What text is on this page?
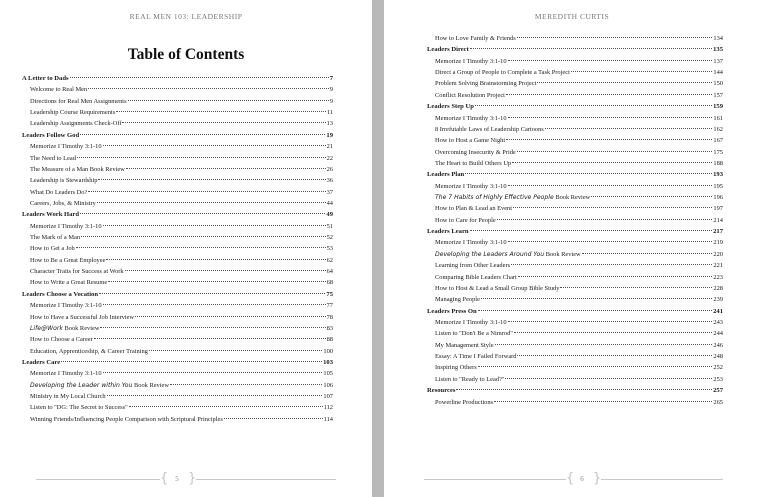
REAL MEN 103: LEADERSHIP
Table of Contents
A Letter to Dads	7
Welcome to Real Men	9
Directions for Real Men Assignments	9
Leadership Course Requirements	11
Leadership Assignments Check-Off	13
Leaders Follow God	19
Memorize I Timothy 3:1-10	21
The Need to Lead	22
The Measure of a Man Book Review	26
Leadership is Stewardship	36
What Do Leaders Do?	37
Careers, Jobs, & Ministry	44
Leaders Work Hard	49
Memorize I Timothy 3:1-10	51
The Mark of a Man	52
How to Get a Job	53
How to Be a Great Employee	62
Character Traits for Success at Work	64
How to Write a Great Resume	68
Leaders Choose a Vocation	75
Memorize I Timothy 3:1-10	77
How to Have a Successful Job Interview	78
Life@Work Book Review	83
How to Choose a Career	88
Education, Apprenticeship, & Career Training	100
Leaders Care	103
Memorize I Timothy 3:1-10	105
Developing the Leader within You Book Review	106
Ministry in My Local Church	107
Listen to "DG: The Secret to Success"	112
Winning Friends/Influencing People Comparison with Scriptural Principles	114
{ 5 }
MEREDITH CURTIS
How to Love Family & Friends	134
Leaders Direct	135
Memorize I Timothy 3:1-10	137
Direct a Group of People to Complete a Task Project	144
Problem Solving Brainstorming Project	150
Conflict Resolution Project	157
Leaders Step Up	159
Memorize I Timothy 3:1-10	161
8 Irrefutable Laws of Leadership Cartoons	162
How to Host a Game Night	167
Overcoming Insecurity & Pride	175
The Heart to Build Others Up	188
Leaders Plan	193
Memorize I Timothy 3:1-10	195
The 7 Habits of Highly Effective People Book Review	196
How to Plan & Lead an Event	197
How to Care for People	214
Leaders Learn	217
Memorize I Timothy 3:1-10	219
Developing the Leaders Around You Book Review	220
Learning from Other Leaders	221
Comparing Bible Leaders Chart	223
How to Host & Lead a Small Group Bible Study	228
Managing People	239
Leaders Press On	241
Memorize I Timothy 3:1-10	243
Listen to "Don't Be a Nimrod"	244
My Management Style	246
Essay: A Time I Failed Forward	248
Inspiring Others	252
Listen to "Ready to Lead?"	253
Resources	257
Powerline Productions	265
{ 6 }
